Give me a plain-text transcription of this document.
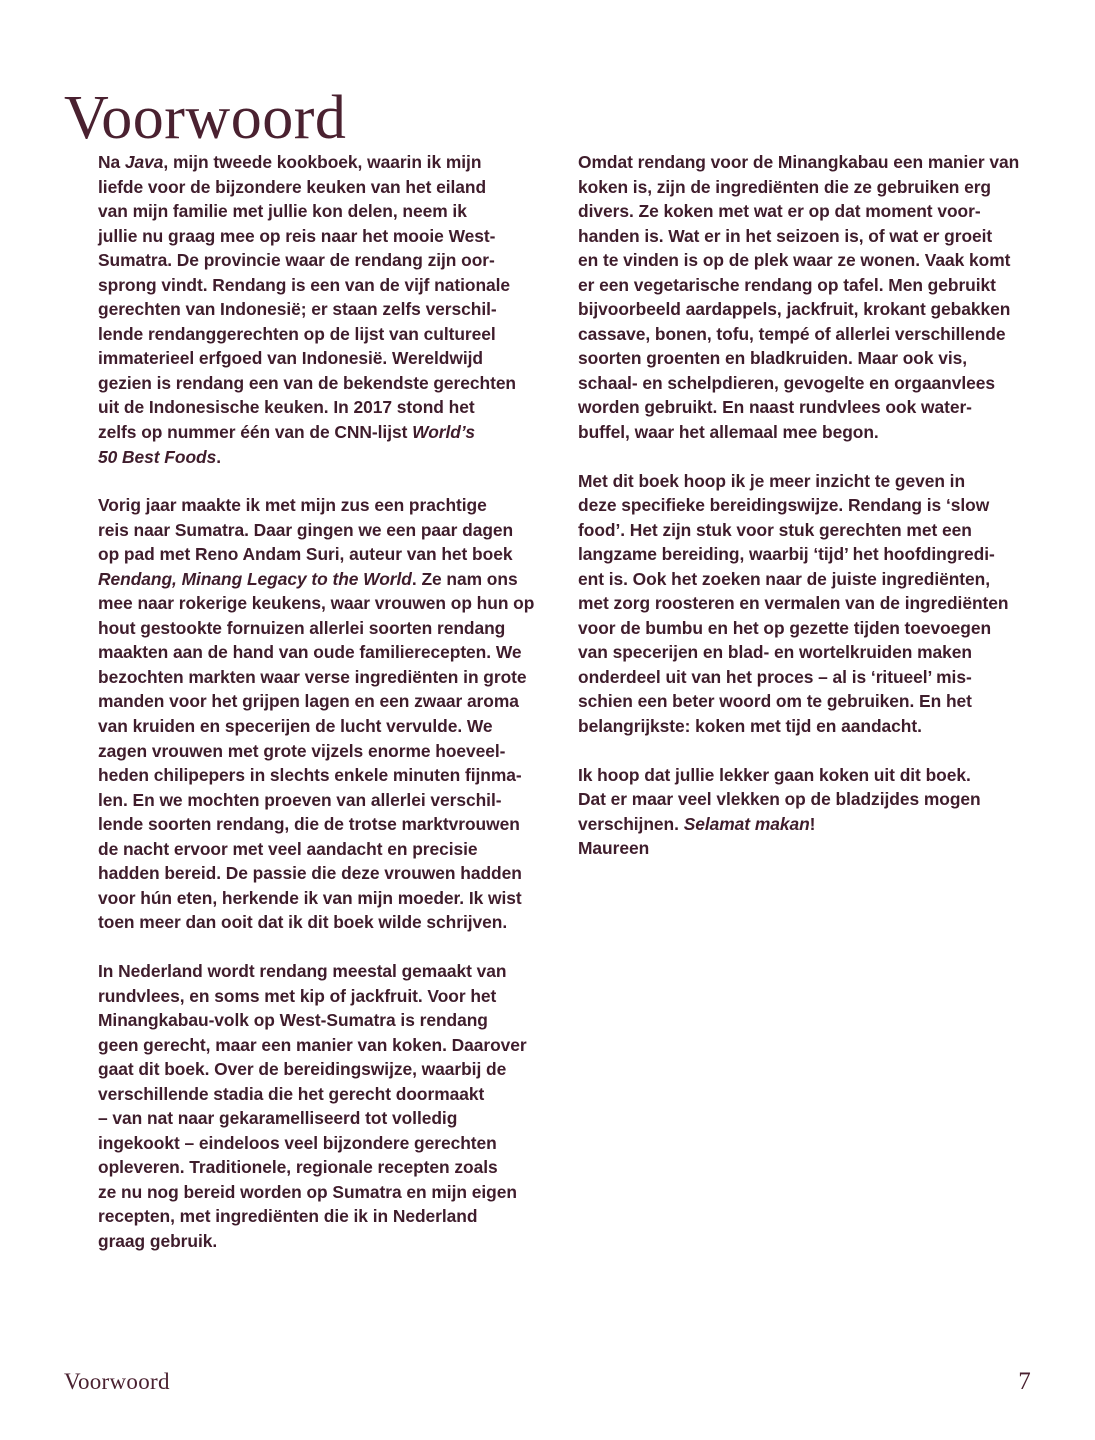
Voorwoord

Na Java, mijn tweede kookboek, waarin ik mijn
liefde voor de bijzondere keuken van het eiland
van mijn familie met jullie kon delen, neem ik
jullie nu graag mee op reis naar het mooie West-
Sumatra. De provincie waar de rendang zijn oor-
sprong vindt. Rendang is een van de vijf nationale
gerechten van Indonesië; er staan zelfs verschil-
lende rendanggerechten op de lijst van cultureel
immaterieel erfgoed van Indonesië. Wereldwijd
gezien is rendang een van de bekendste gerechten
uit de Indonesische keuken. In 2017 stond het
zelfs op nummer één van de CNN-lijst World’s
50 Best Foods.

Vorig jaar maakte ik met mijn zus een prachtige
reis naar Sumatra. Daar gingen we een paar dagen
op pad met Reno Andam Suri, auteur van het boek
Rendang, Minang Legacy to the World. Ze nam ons
mee naar rokerige keukens, waar vrouwen op hun op
hout gestookte fornuizen allerlei soorten rendang
maakten aan de hand van oude familierecepten. We
bezochten markten waar verse ingrediënten in grote
manden voor het grijpen lagen en een zwaar aroma
van kruiden en specerijen de lucht vervulde. We
zagen vrouwen met grote vijzels enorme hoeveel-
heden chilipepers in slechts enkele minuten fijnma-
len. En we mochten proeven van allerlei verschil-
lende soorten rendang, die de trotse marktvrouwen
de nacht ervoor met veel aandacht en precisie
hadden bereid. De passie die deze vrouwen hadden
voor hún eten, herkende ik van mijn moeder. Ik wist
toen meer dan ooit dat ik dit boek wilde schrijven.

In Nederland wordt rendang meestal gemaakt van
rundvlees, en soms met kip of jackfruit. Voor het
Minangkabau-volk op West-Sumatra is rendang
geen gerecht, maar een manier van koken. Daarover
gaat dit boek. Over de bereidingswijze, waarbij de
verschillende stadia die het gerecht doormaakt
– van nat naar gekaramelliseerd tot volledig
ingekookt – eindeloos veel bijzondere gerechten
opleveren. Traditionele, regionale recepten zoals
ze nu nog bereid worden op Sumatra en mijn eigen
recepten, met ingrediënten die ik in Nederland
graag gebruik.

Omdat rendang voor de Minangkabau een manier van
koken is, zijn de ingrediënten die ze gebruiken erg
divers. Ze koken met wat er op dat moment voor-
handen is. Wat er in het seizoen is, of wat er groeit
en te vinden is op de plek waar ze wonen. Vaak komt
er een vegetarische rendang op tafel. Men gebruikt
bijvoorbeeld aardappels, jackfruit, krokant gebakken
cassave, bonen, tofu, tempé of allerlei verschillende
soorten groenten en bladkruiden. Maar ook vis,
schaal- en schelpdieren, gevogelte en orgaanvlees
worden gebruikt. En naast rundvlees ook water-
buffel, waar het allemaal mee begon.

Met dit boek hoop ik je meer inzicht te geven in
deze specifieke bereidingswijze. Rendang is ‘slow
food’. Het zijn stuk voor stuk gerechten met een
langzame bereiding, waarbij ‘tijd’ het hoofdingredi-
ent is. Ook het zoeken naar de juiste ingrediënten,
met zorg roosteren en vermalen van de ingrediënten
voor de bumbu en het op gezette tijden toevoegen
van specerijen en blad- en wortelkruiden maken
onderdeel uit van het proces – al is ‘ritueel’ mis-
schien een beter woord om te gebruiken. En het
belangrijkste: koken met tijd en aandacht.

Ik hoop dat jullie lekker gaan koken uit dit boek.
Dat er maar veel vlekken op de bladzijdes mogen
verschijnen. Selamat makan!

Maureen

Voorwoord	7
